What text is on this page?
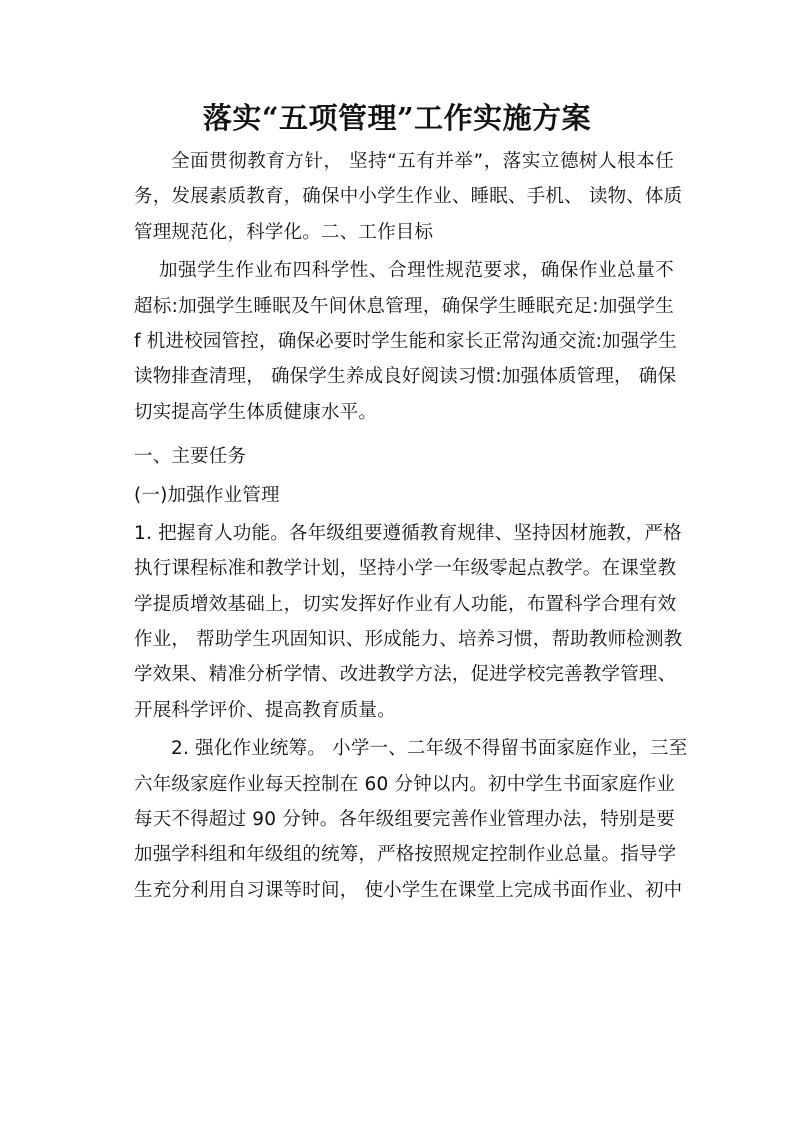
落实“五项管理”工作实施方案
全面贯彻教育方针， 坚持“五有并举”，落实立德树人根本任
务，发展素质教育，确保中小学生作业、睡眠、手机、 读物、体质
管理规范化，科学化。二、工作目标
加强学生作业布四科学性、合理性规范要求，确保作业总量不
超标:加强学生睡眠及午间休息管理，确保学生睡眠充足:加强学生
f 机进校园管控，确保必要时学生能和家长正常沟通交流:加强学生
读物排查清理， 确保学生养成良好阅读习惯:加强体质管理， 确保
切实提高学生体质健康水平。
一、主要任务
(一)加强作业管理
1. 把握育人功能。各年级组要遵循教育规律、坚持因材施教，严格
执行课程标准和教学计划，坚持小学一年级零起点教学。在课堂教
学提质增效基础上，切实发挥好作业有人功能，布置科学合理有效
作业， 帮助学生巩固知识、形成能力、培养习惯，帮助教师检测教
学效果、精准分析学情、改进教学方法，促进学校完善教学管理、
开展科学评价、提高教育质量。
2. 强化作业统筹。 小学一、二年级不得留书面家庭作业，三至
六年级家庭作业每天控制在 60 分钟以内。初中学生书面家庭作业
每天不得超过 90 分钟。各年级组要完善作业管理办法，特别是要
加强学科组和年级组的统筹，严格按照规定控制作业总量。指导学
生充分利用自习课等时间， 使小学生在课堂上完成书面作业、初中
